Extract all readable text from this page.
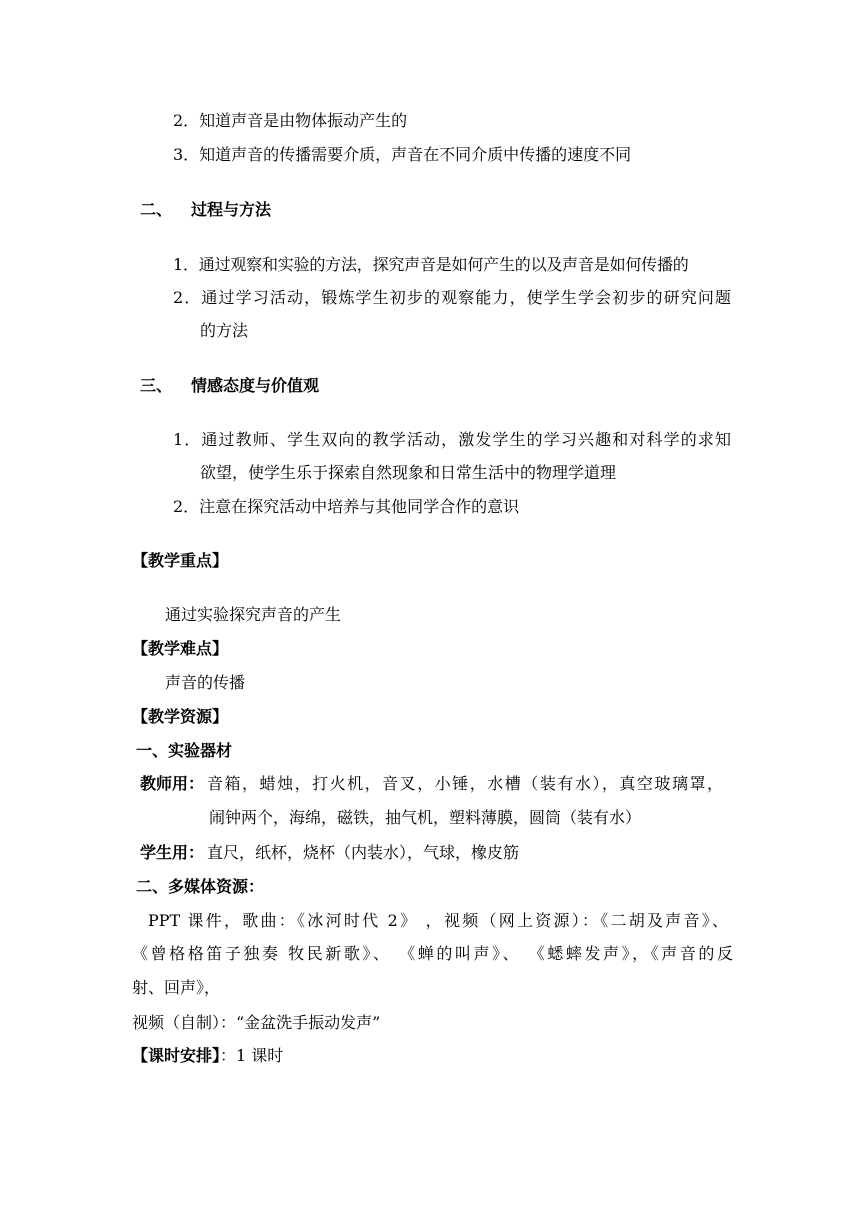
2．知道声音是由物体振动产生的
3．知道声音的传播需要介质，声音在不同介质中传播的速度不同
二、 过程与方法
1．通过观察和实验的方法，探究声音是如何产生的以及声音是如何传播的
2．通过学习活动，锻炼学生初步的观察能力，使学生学会初步的研究问题
的方法
三、 情感态度与价值观
1．通过教师、学生双向的教学活动，激发学生的学习兴趣和对科学的求知
欲望，使学生乐于探索自然现象和日常生活中的物理学道理
2．注意在探究活动中培养与其他同学合作的意识
【教学重点】
通过实验探究声音的产生
【教学难点】
声音的传播
【教学资源】
一、实验器材
教师用： 音箱，蜡烛，打火机，音叉，小锤，水槽（装有水），真空玻璃罩，
闹钟两个，海绵，磁铁，抽气机，塑料薄膜，圆筒（装有水）
学生用： 直尺，纸杯，烧杯（内装水），气球，橡皮筋
二、多媒体资源：
PPT 课件，歌曲：《冰河时代 2》 ，视频（网上资源）：《二胡及声音》、
《曾格格笛子独奏 牧民新歌》、 《蝉的叫声》、 《蟋蟀发声》，《声音的反
射、回声》，
视频（自制）：“金盆洗手振动发声”
【课时安排】：1 课时
